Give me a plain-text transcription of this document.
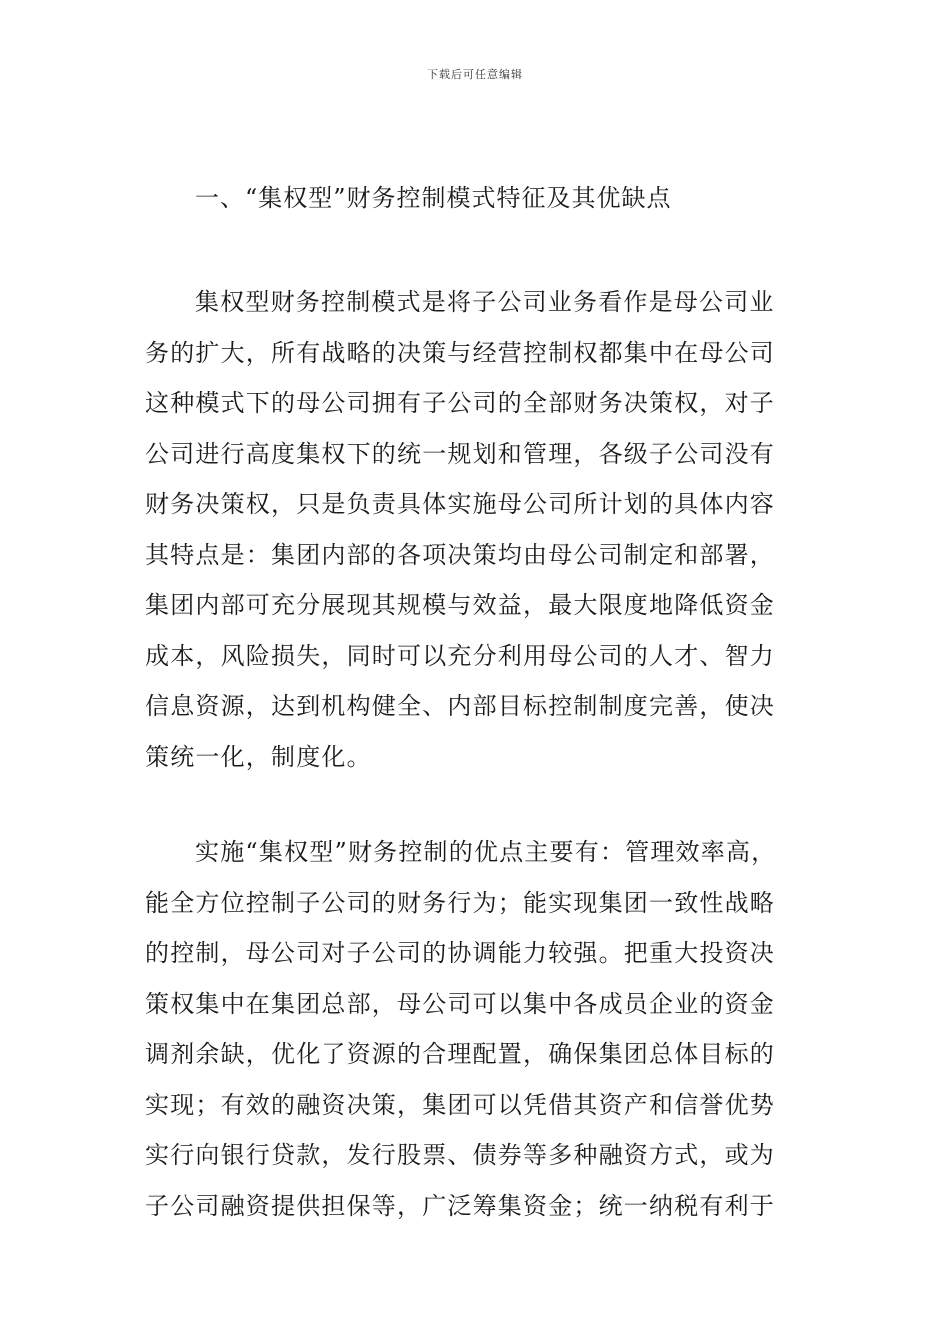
下载后可任意编辑
一、“集权型”财务控制模式特征及其优缺点
集权型财务控制模式是将子公司业务看作是母公司业
务的扩大，所有战略的决策与经营控制权都集中在母公司
这种模式下的母公司拥有子公司的全部财务决策权，对子
公司进行高度集权下的统一规划和管理，各级子公司没有
财务决策权，只是负责具体实施母公司所计划的具体内容
其特点是：集团内部的各项决策均由母公司制定和部署，
集团内部可充分展现其规模与效益，最大限度地降低资金
成本，风险损失，同时可以充分利用母公司的人才、智力
信息资源，达到机构健全、内部目标控制制度完善，使决
策统一化，制度化。
实施“集权型”财务控制的优点主要有：管理效率高，
能全方位控制子公司的财务行为；能实现集团一致性战略
的控制，母公司对子公司的协调能力较强。把重大投资决
策权集中在集团总部，母公司可以集中各成员企业的资金
调剂余缺，优化了资源的合理配置，确保集团总体目标的
实现；有效的融资决策，集团可以凭借其资产和信誉优势
实行向银行贷款，发行股票、债券等多种融资方式，或为
子公司融资提供担保等，广泛筹集资金；统一纳税有利于
